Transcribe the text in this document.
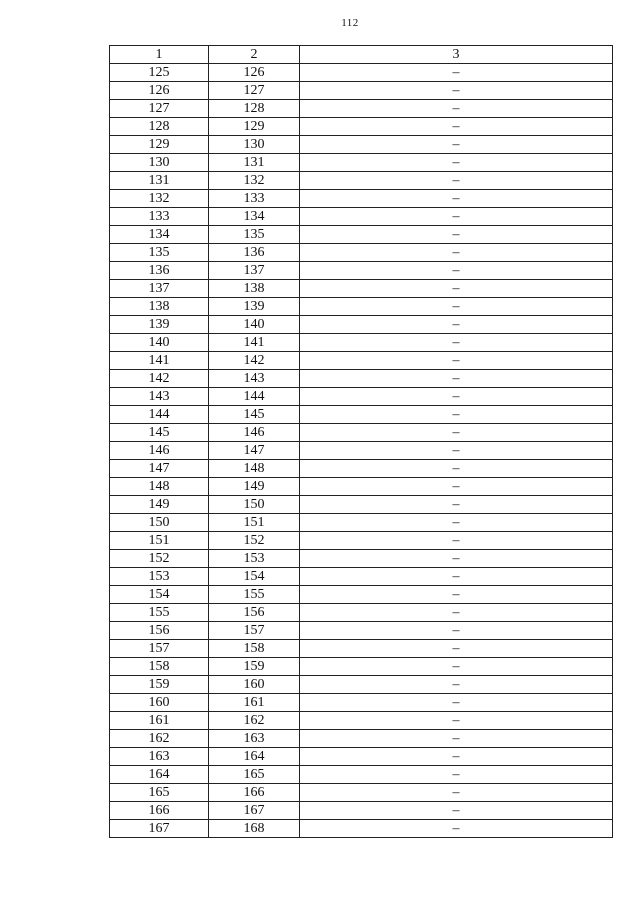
112
1	2	3
125	126	–
126	127	–
127	128	–
128	129	–
129	130	–
130	131	–
131	132	–
132	133	–
133	134	–
134	135	–
135	136	–
136	137	–
137	138	–
138	139	–
139	140	–
140	141	–
141	142	–
142	143	–
143	144	–
144	145	–
145	146	–
146	147	–
147	148	–
148	149	–
149	150	–
150	151	–
151	152	–
152	153	–
153	154	–
154	155	–
155	156	–
156	157	–
157	158	–
158	159	–
159	160	–
160	161	–
161	162	–
162	163	–
163	164	–
164	165	–
165	166	–
166	167	–
167	168	–
